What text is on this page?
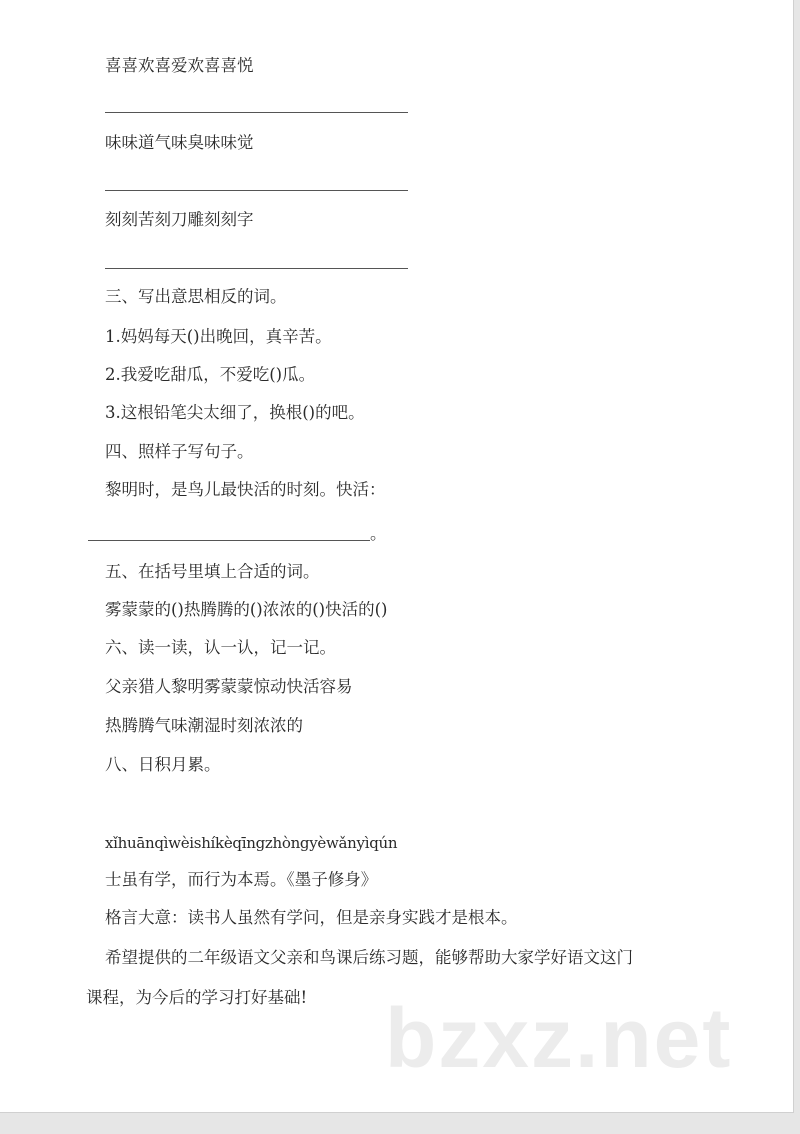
喜喜欢喜爱欢喜喜悦
味味道气味臭味味觉
刻刻苦刻刀雕刻刻字
三、写出意思相反的词。
1.妈妈每天()出晚回，真辛苦。
2.我爱吃甜瓜，不爱吃()瓜。
3.这根铅笔尖太细了，换根()的吧。
四、照样子写句子。
黎明时，是鸟儿最快活的时刻。快活：
。
五、在括号里填上合适的词。
雾蒙蒙的()热腾腾的()浓浓的()快活的()
六、读一读，认一认，记一记。
父亲猎人黎明雾蒙蒙惊动快活容易
热腾腾气味潮湿时刻浓浓的
八、日积月累。
xǐhuānqìwèishíkèqīngzhòngyèwǎnyìqún
士虽有学，而行为本焉。《墨子修身》
格言大意：读书人虽然有学问，但是亲身实践才是根本。
希望提供的二年级语文父亲和鸟课后练习题，能够帮助大家学好语文这门
课程，为今后的学习打好基础! bzxz.net
